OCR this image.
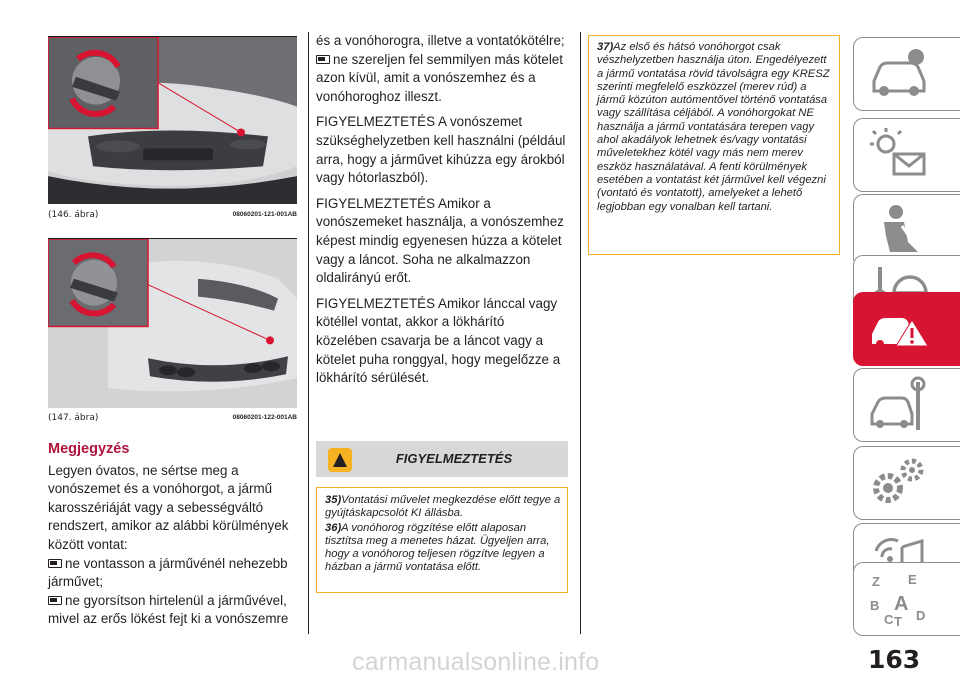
(146. ábra)	08060201-121-001AB
(147. ábra)	08060201-122-001AB
Megjegyzés
Legyen óvatos, ne sértse meg a vonószemet és a vonóhorgot, a jármű karosszériáját vagy a sebességváltó rendszert, amikor az alábbi körülmények között vontat:
ne vontasson a járművénél nehezebb járművet;
ne gyorsítson hirtelenül a járművével, mivel az erős lökést fejt ki a vonószemre
és a vonóhorogra, illetve a vontatókötélre;
ne szereljen fel semmilyen más kötelet azon kívül, amit a vonószemhez és a vonóhoroghoz illeszt.
FIGYELMEZTETÉS A vonószemet szükséghelyzetben kell használni (például arra, hogy a járművet kihúzza egy árokból vagy hótorlaszból).
FIGYELMEZTETÉS Amikor a vonószemeket használja, a vonószemhez képest mindig egyenesen húzza a kötelet vagy a láncot. Soha ne alkalmazzon oldalirányú erőt.
FIGYELMEZTETÉS Amikor lánccal vagy kötéllel vontat, akkor a lökhárító közelében csavarja be a láncot vagy a kötelet puha ronggyal, hogy megelőzze a lökhárító sérülését.
FIGYELMEZTETÉS
35)Vontatási művelet megkezdése előtt tegye a gyújtáskapcsolót KI állásba.
36)A vonóhorog rögzítése előtt alaposan tisztítsa meg a menetes házat. Ügyeljen arra, hogy a vonóhorog teljesen rögzítve legyen a házban a jármű vontatása előtt.
37)Az első és hátsó vonóhorgot csak vészhelyzetben használja úton. Engedélyezett a jármű vontatása rövid távolságra egy KRESZ szerinti megfelelő eszközzel (merev rúd) a jármű közúton autómentővel történő vontatása vagy szállítása céljából. A vonóhorgokat NE használja a jármű vontatására terepen vagy ahol akadályok lehetnek és/vagy vontatási műveletekhez kötél vagy más nem merev eszköz használatával. A fenti körülmények esetében a vontatást két járművel kell végezni (vontató és vontatott), amelyeket a lehető legjobban egy vonalban kell tartani.
Z E
B A
C T D
carmanualsonline.info	163
